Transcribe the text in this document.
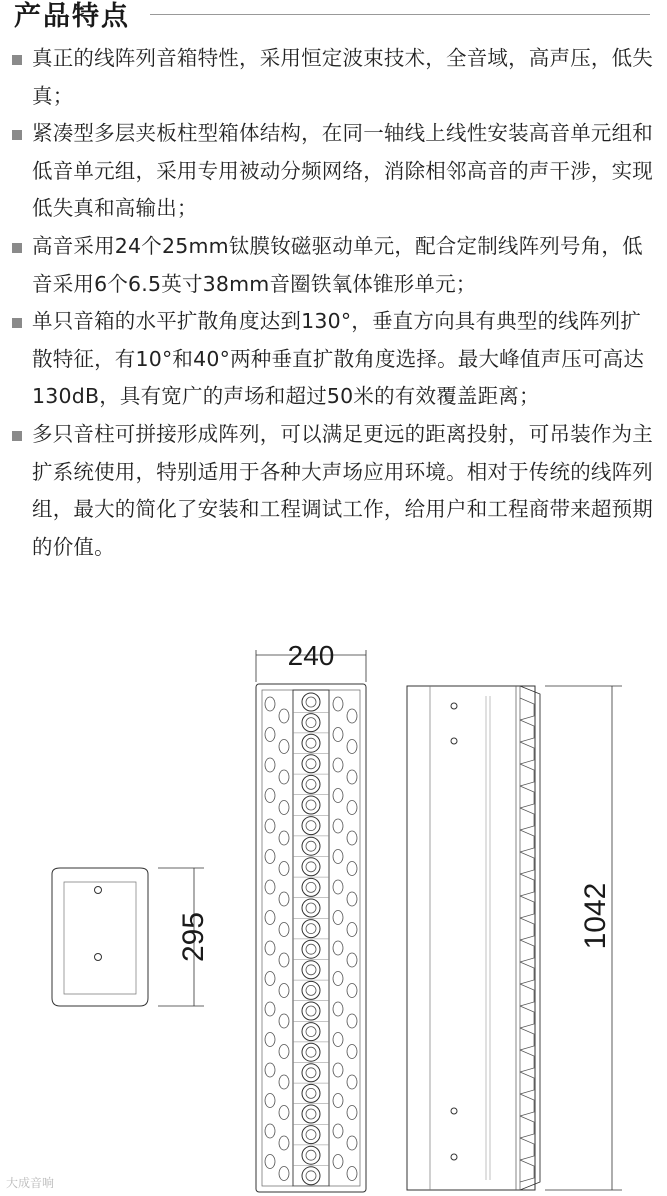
产品特点
真正的线阵列音箱特性，采用恒定波束技术，全音域，高声压，低失真；
紧凑型多层夹板柱型箱体结构，在同一轴线上线性安装高音单元组和低音单元组，采用专用被动分频网络，消除相邻高音的声干涉，实现低失真和高输出；
高音采用24个25mm钛膜钕磁驱动单元，配合定制线阵列号角，低音采用6个6.5英寸38mm音圈铁氧体锥形单元；
单只音箱的水平扩散角度达到130°，垂直方向具有典型的线阵列扩散特征，有10°和40°两种垂直扩散角度选择。最大峰值声压可高达130dB，具有宽广的声场和超过50米的有效覆盖距离；
多只音柱可拼接形成阵列，可以满足更远的距离投射，可吊装作为主扩系统使用，特别适用于各种大声场应用环境。相对于传统的线阵列组，最大的简化了安装和工程调试工作，给用户和工程商带来超预期的价值。
295
240
1042
大成音响
